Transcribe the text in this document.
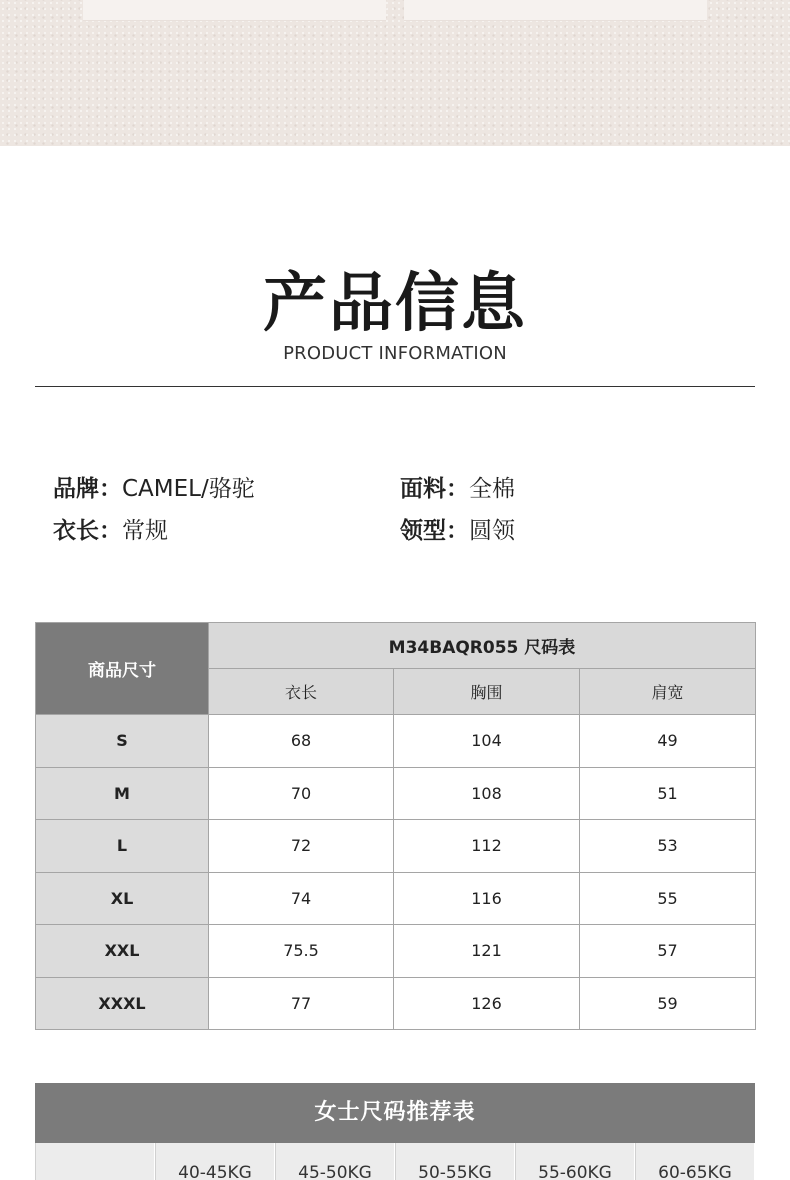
产品信息
PRODUCT INFORMATION
品牌：CAMEL/骆驼	面料：全棉
衣长：常规	领型：圆领
商品尺寸	M34BAQR055 尺码表		
	衣长	胸围	肩宽
S	68	104	49
M	70	108	51
L	72	112	53
XL	74	116	55
XXL	75.5	121	57
XXXL	77	126	59
女士尺码推荐表
40-45KG	45-50KG	50-55KG	55-60KG	60-65KG
